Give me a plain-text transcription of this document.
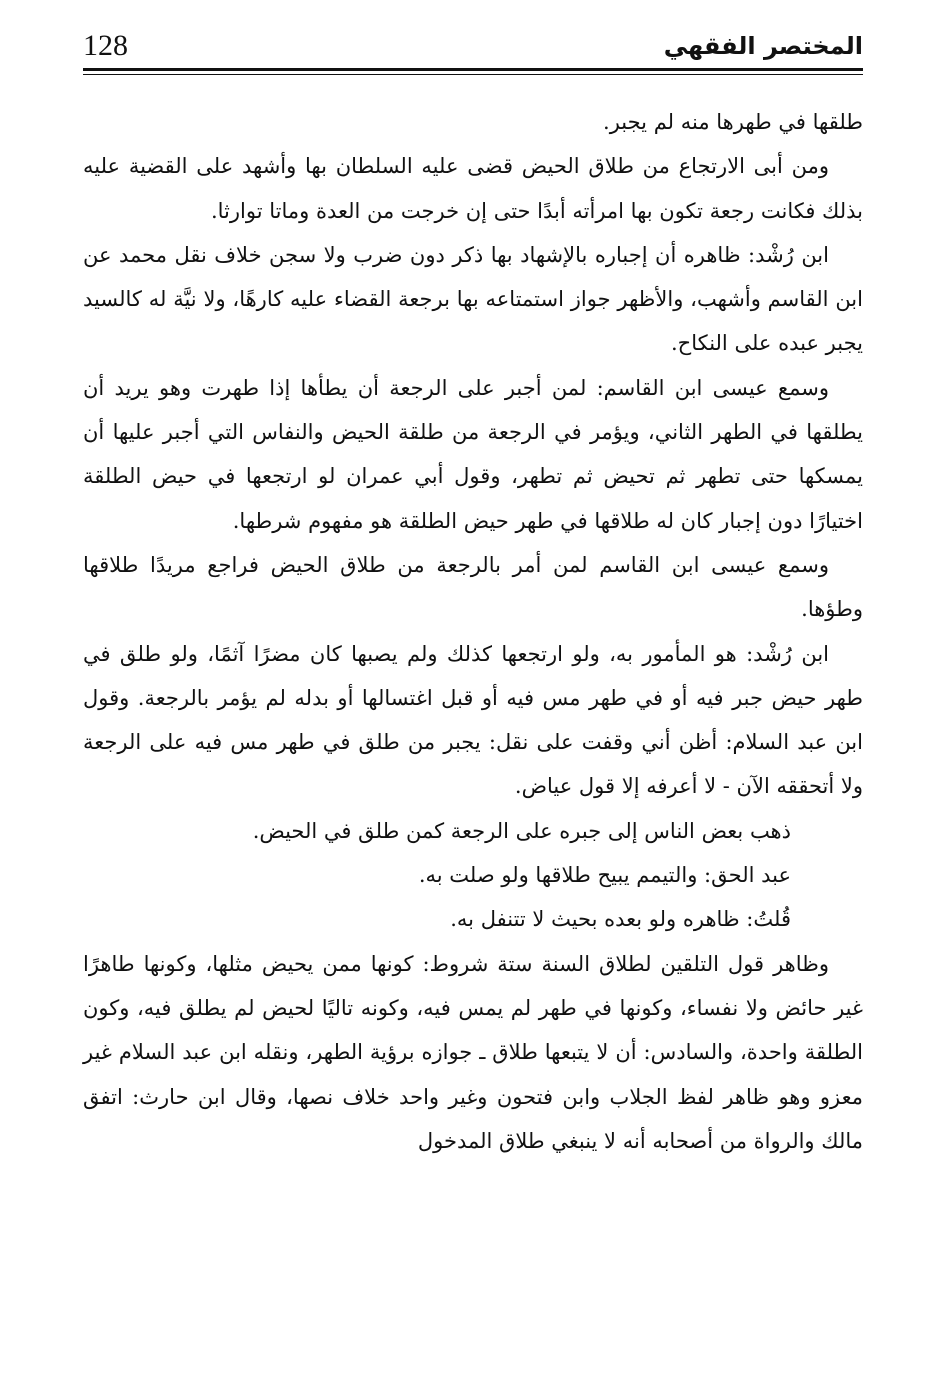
128	المختصر الفقهي

طلقها في طهرها منه لم يجبر.

ومن أبى الارتجاع من طلاق الحيض قضى عليه السلطان بها وأشهد على القضية عليه بذلك فكانت رجعة تكون بها امرأته أبدًا حتى إن خرجت من العدة وماتا توارثا.

ابن رُشْد: ظاهره أن إجباره بالإشهاد بها ذكر دون ضرب ولا سجن خلاف نقل محمد عن ابن القاسم وأشهب، والأظهر جواز استمتاعه بها برجعة القضاء عليه كارهًا، ولا نيَّة له كالسيد يجبر عبده على النكاح.

وسمع عيسى ابن القاسم: لمن أجبر على الرجعة أن يطأها إذا طهرت وهو يريد أن يطلقها في الطهر الثاني، ويؤمر في الرجعة من طلقة الحيض والنفاس التي أجبر عليها أن يمسكها حتى تطهر ثم تحيض ثم تطهر، وقول أبي عمران لو ارتجعها في حيض الطلقة اختيارًا دون إجبار كان له طلاقها في طهر حيض الطلقة هو مفهوم شرطها.

وسمع عيسى ابن القاسم لمن أمر بالرجعة من طلاق الحيض فراجع مريدًا طلاقها وطؤها.

ابن رُشْد: هو المأمور به، ولو ارتجعها كذلك ولم يصبها كان مضرًا آثمًا، ولو طلق في طهر حيض جبر فيه أو في طهر مس فيه أو قبل اغتسالها أو بدله لم يؤمر بالرجعة. وقول ابن عبد السلام: أظن أني وقفت على نقل: يجبر من طلق في طهر مس فيه على الرجعة ولا أتحققه الآن - لا أعرفه إلا قول عياض.

ذهب بعض الناس إلى جبره على الرجعة كمن طلق في الحيض.

عبد الحق: والتيمم يبيح طلاقها ولو صلت به.

قُلتُ: ظاهره ولو بعده بحيث لا تتنفل به.

وظاهر قول التلقين لطلاق السنة ستة شروط: كونها ممن يحيض مثلها، وكونها طاهرًا غير حائض ولا نفساء، وكونها في طهر لم يمس فيه، وكونه تاليًا لحيض لم يطلق فيه، وكون الطلقة واحدة، والسادس: أن لا يتبعها طلاق ـ جوازه برؤية الطهر، ونقله ابن عبد السلام غير معزو وهو ظاهر لفظ الجلاب وابن فتحون وغير واحد خلاف نصها، وقال ابن حارث: اتفق مالك والرواة من أصحابه أنه لا ينبغي طلاق المدخول
